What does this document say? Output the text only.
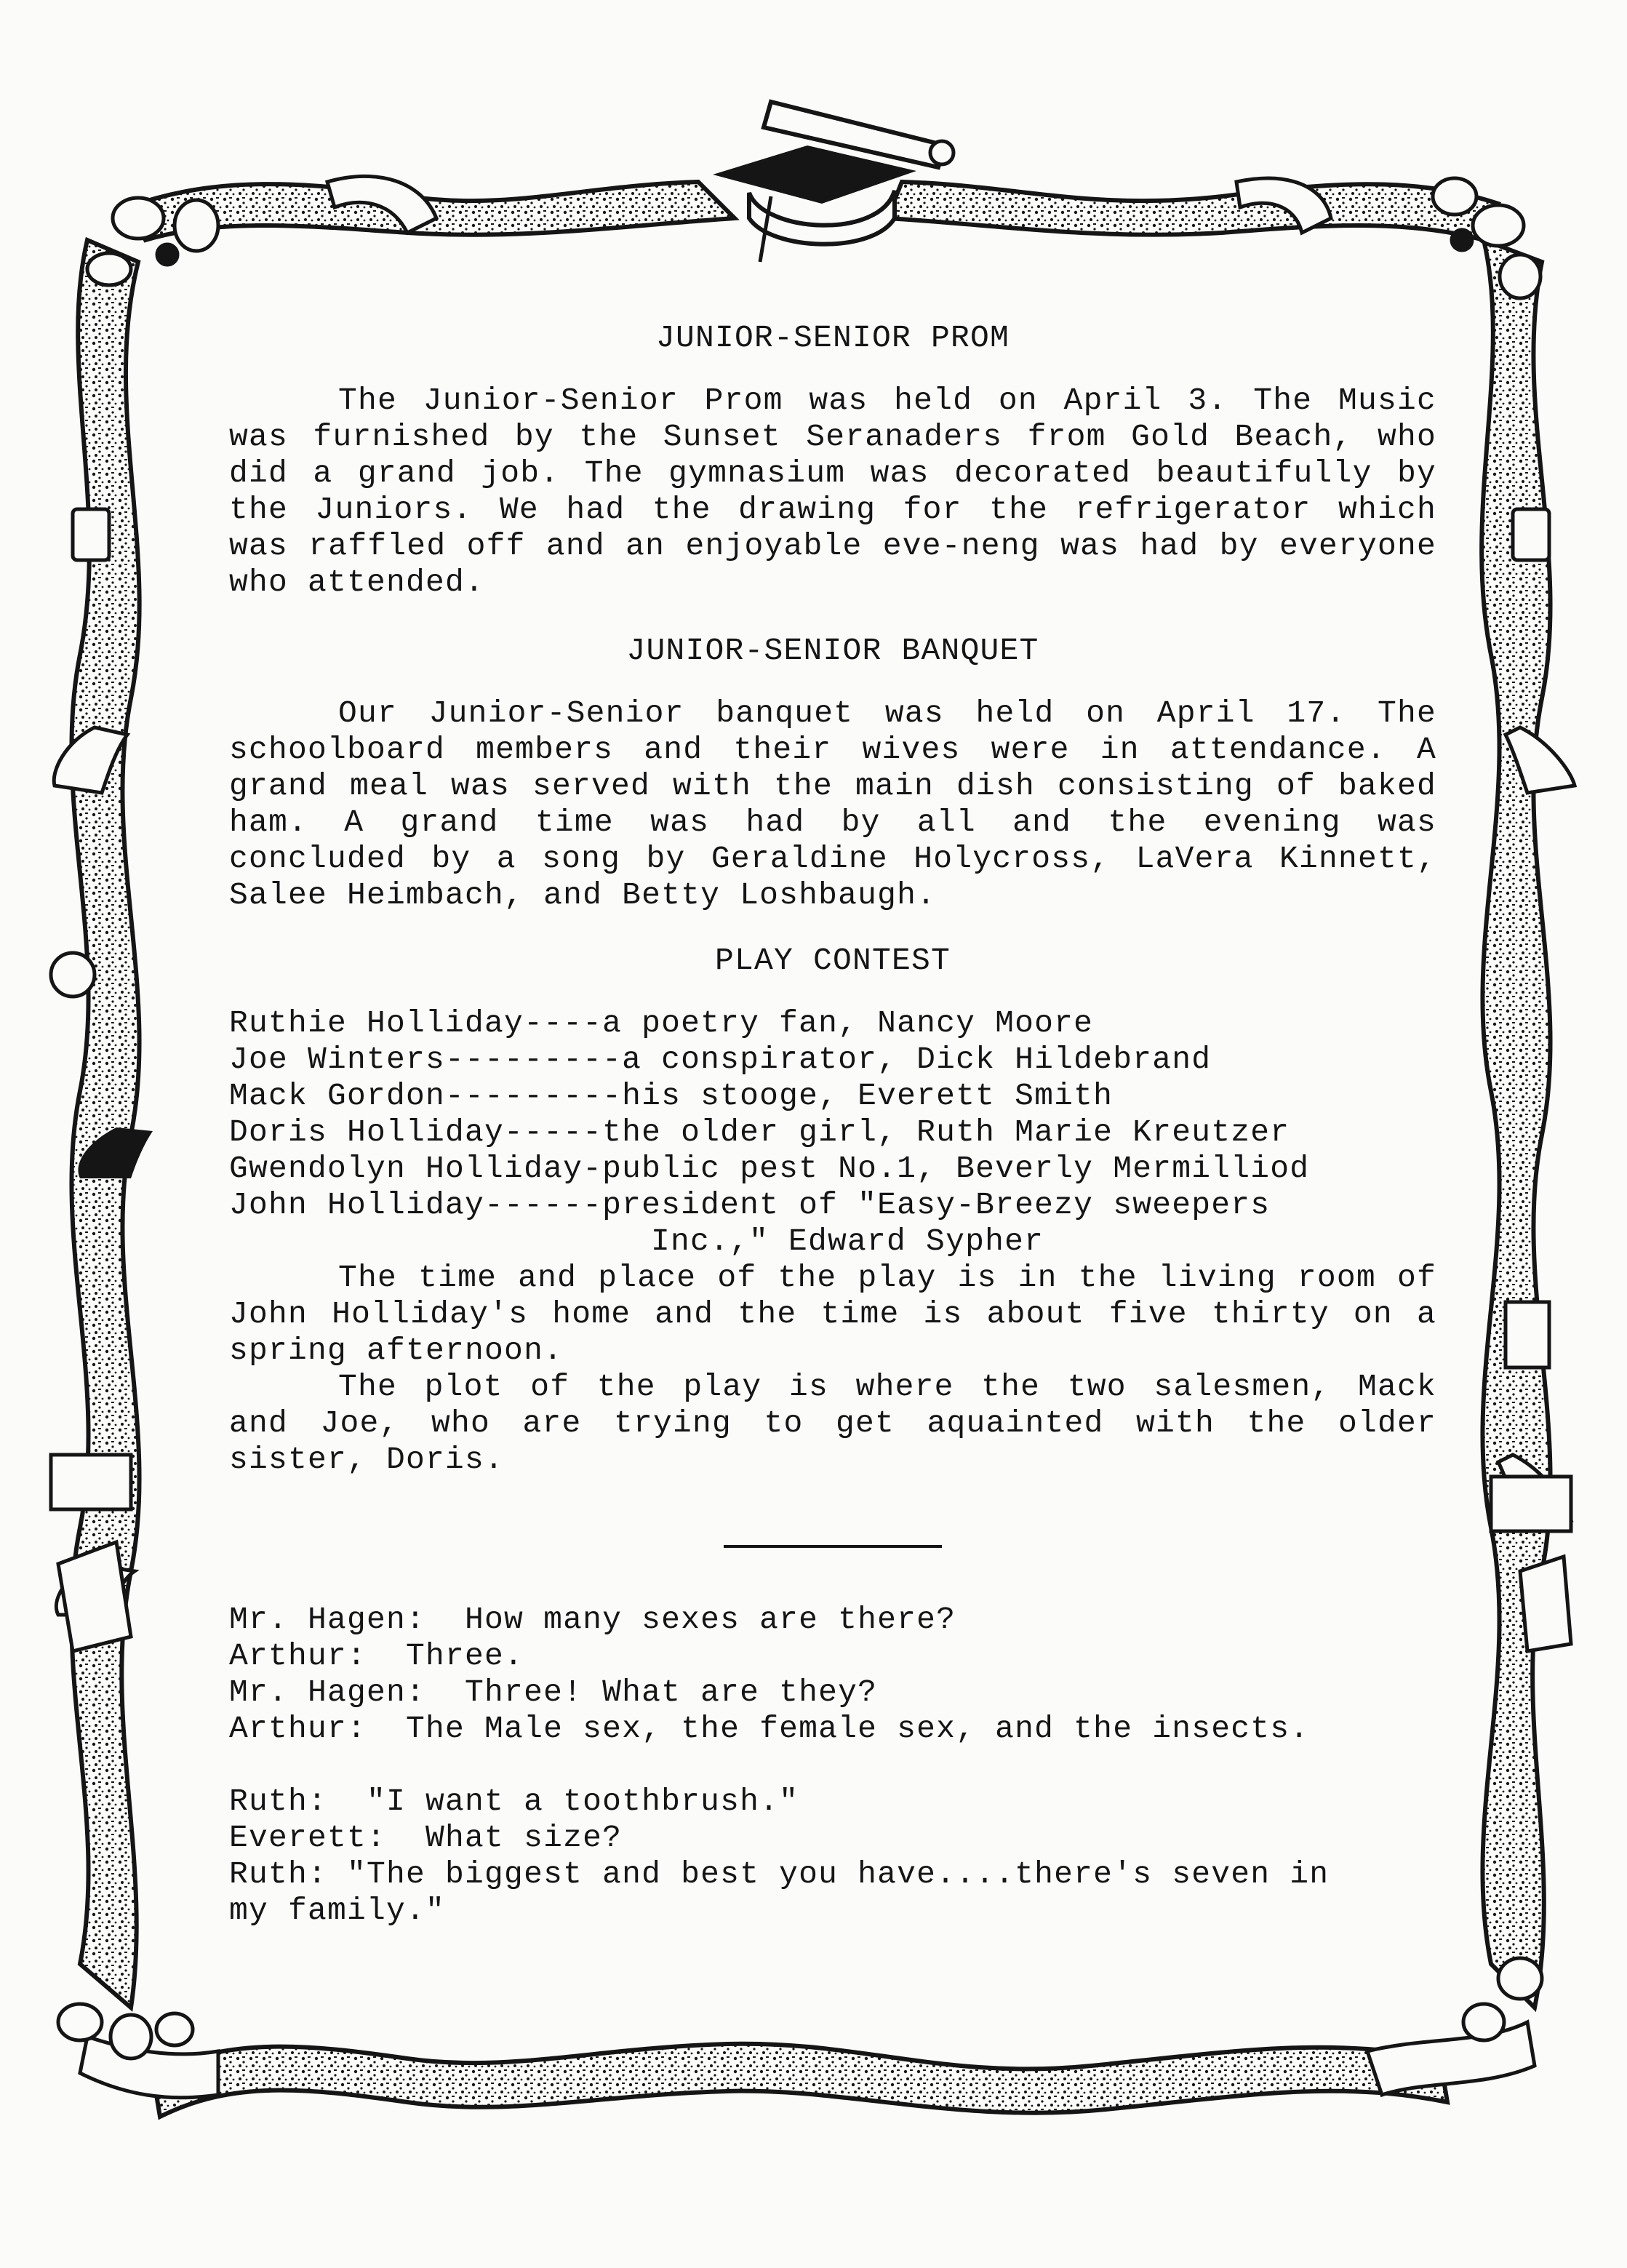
JUNIOR-SENIOR PROM

The Junior-Senior Prom was held on April 3. The Music was furnished by the Sunset Seranaders from Gold Beach, who did a grand job. The gymnasium was decorated beautifully by the Juniors. We had the drawing for the refrigerator which was raffled off and an enjoyable eve-neng was had by everyone who attended.

JUNIOR-SENIOR BANQUET

Our Junior-Senior banquet was held on April 17. The schoolboard members and their wives were in attendance. A grand meal was served with the main dish consisting of baked ham. A grand time was had by all and the evening was concluded by a song by Geraldine Holycross, LaVera Kinnett, Salee Heimbach, and Betty Loshbaugh.

PLAY CONTEST

Ruthie Holliday----a poetry fan, Nancy Moore

Joe Winters---------a conspirator, Dick Hildebrand

Mack Gordon---------his stooge, Everett Smith

Doris Holliday-----the older girl, Ruth Marie Kreutzer

Gwendolyn Holliday-public pest No.1, Beverly Mermilliod

John Holliday------president of "Easy-Breezy sweepers

Inc.," Edward Sypher

The time and place of the play is in the living room of John Holliday's home and the time is about five thirty on a spring afternoon.

The plot of the play is where the two salesmen, Mack and Joe, who are trying to get aquainted with the older sister, Doris.

Mr. Hagen:  How many sexes are there?

Arthur:  Three.

Mr. Hagen:  Three! What are they?

Arthur:  The Male sex, the female sex, and the insects.

Ruth:  "I want a toothbrush."

Everett:  What size?

Ruth: "The biggest and best you have....there's seven in

my family."
